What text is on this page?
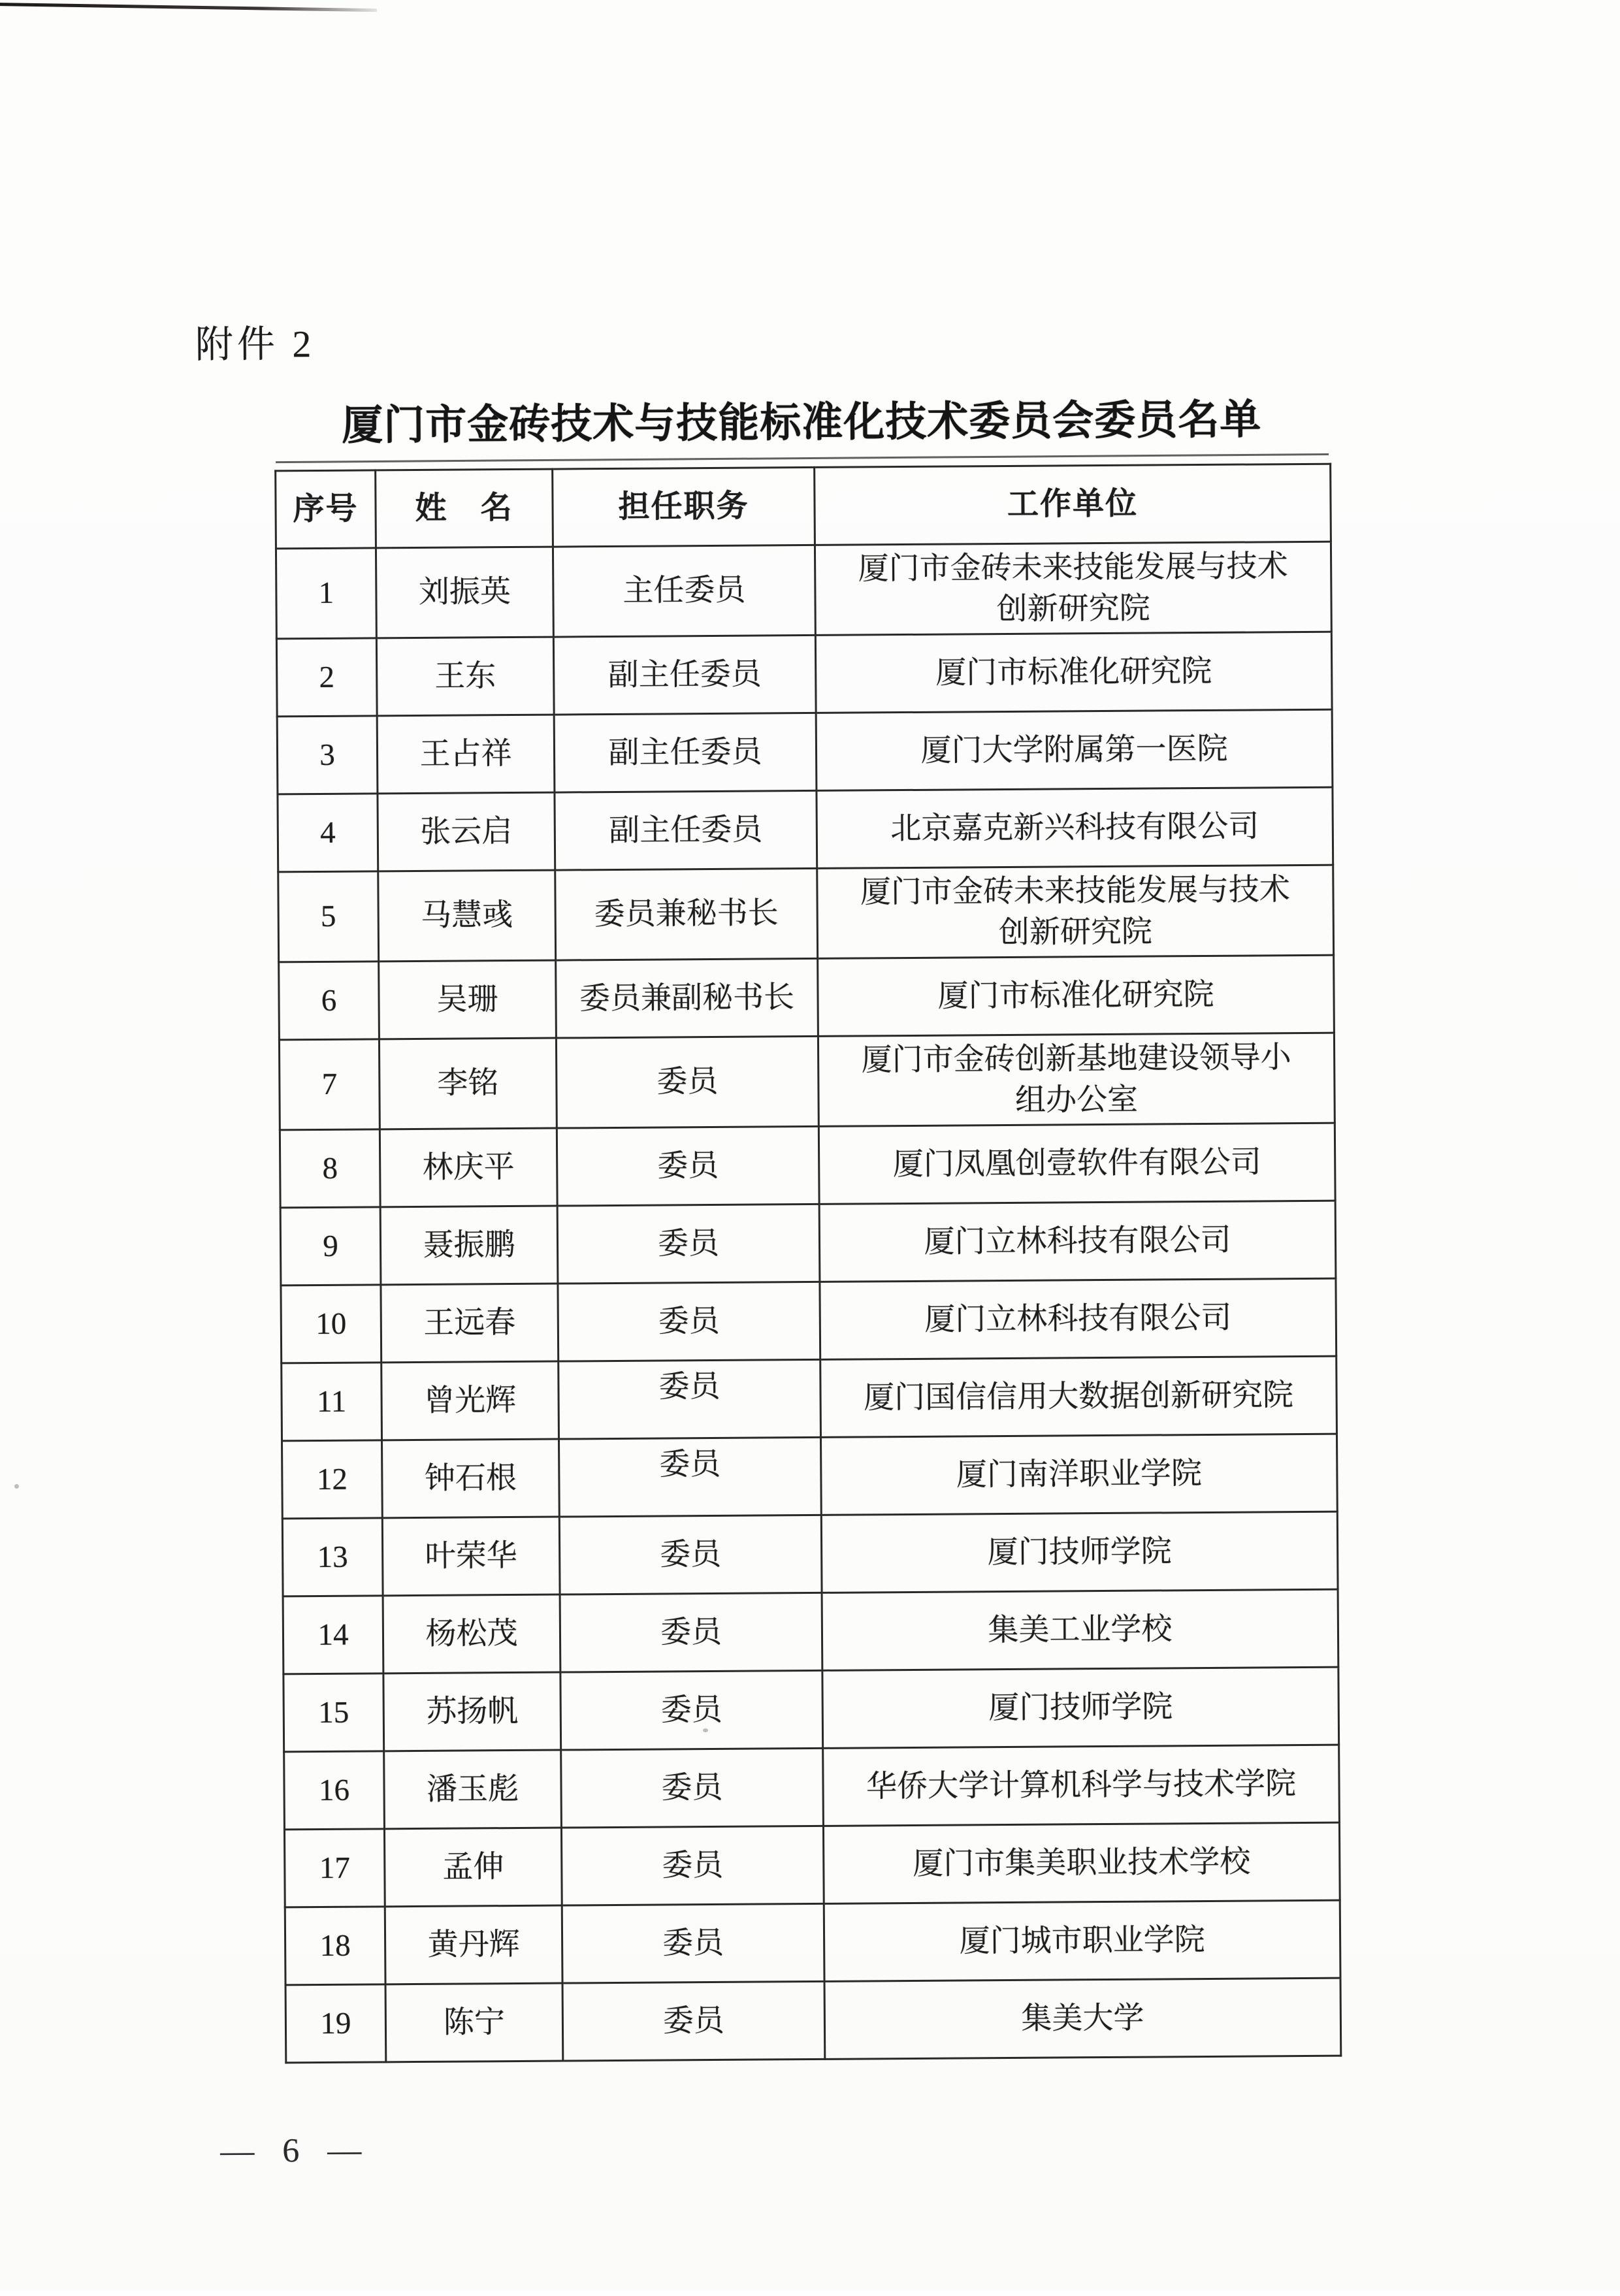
附件 2
厦门市金砖技术与技能标准化技术委员会委员名单
序号	姓　名	担任职务	工作单位
1	刘振英	主任委员	厦门市金砖未来技能发展与技术
创新研究院
2	王东	副主任委员	厦门市标准化研究院
3	王占祥	副主任委员	厦门大学附属第一医院
4	张云启	副主任委员	北京嘉克新兴科技有限公司
5	马慧彧	委员兼秘书长	厦门市金砖未来技能发展与技术
创新研究院
6	吴珊	委员兼副秘书长	厦门市标准化研究院
7	李铭	委员	厦门市金砖创新基地建设领导小
组办公室
8	林庆平	委员	厦门凤凰创壹软件有限公司
9	聂振鹏	委员	厦门立林科技有限公司
10	王远春	委员	厦门立林科技有限公司
11	曾光辉	委员	厦门国信信用大数据创新研究院
12	钟石根	委员	厦门南洋职业学院
13	叶荣华	委员	厦门技师学院
14	杨松茂	委员	集美工业学校
15	苏扬帆	委员	厦门技师学院
16	潘玉彪	委员	华侨大学计算机科学与技术学院
17	孟伸	委员	厦门市集美职业技术学校
18	黄丹辉	委员	厦门城市职业学院
19	陈宁	委员	集美大学
— 6 —
